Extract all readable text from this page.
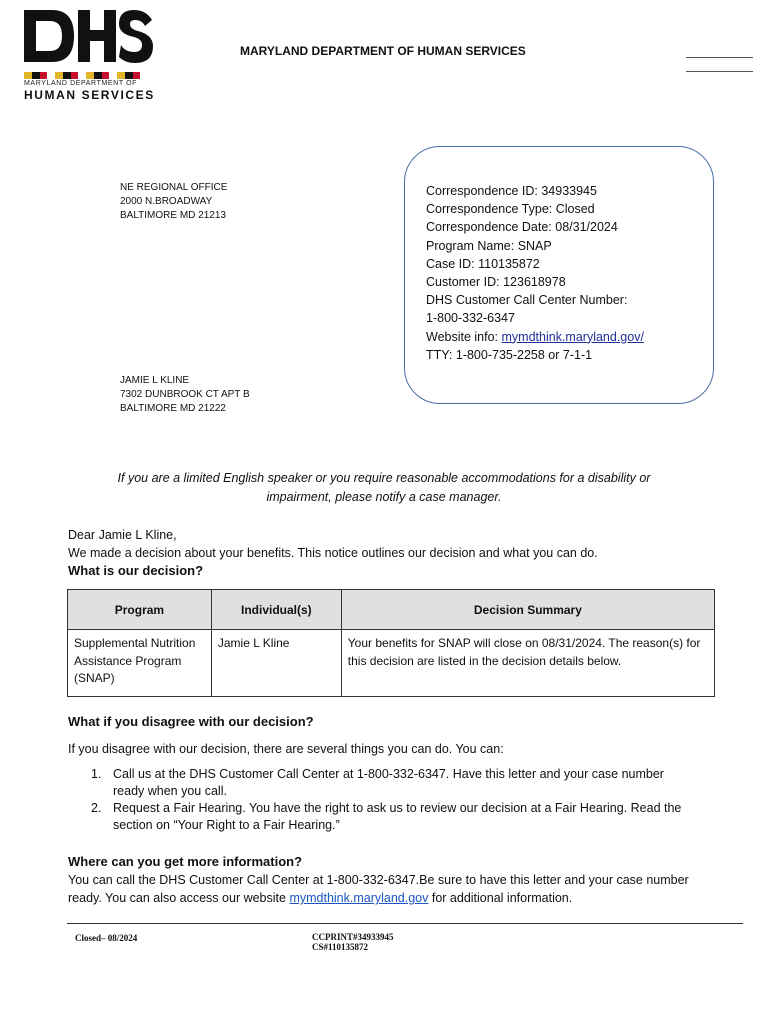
MARYLAND DEPARTMENT OF
HUMAN SERVICES
MARYLAND DEPARTMENT OF HUMAN SERVICES
NE REGIONAL OFFICE
2000 N.BROADWAY
BALTIMORE MD 21213
JAMIE L KLINE
7302 DUNBROOK CT APT B
BALTIMORE MD 21222
Correspondence ID: 34933945
Correspondence Type: Closed
Correspondence Date: 08/31/2024
Program Name: SNAP
Case ID: 110135872
Customer ID: 123618978
DHS Customer Call Center Number:
1-800-332-6347
Website info: mymdthink.maryland.gov/
TTY: 1-800-735-2258 or 7-1-1
If you are a limited English speaker or you require reasonable accommodations for a disability or impairment, please notify a case manager.
Dear Jamie L Kline,
We made a decision about your benefits. This notice outlines our decision and what you can do.
What is our decision?
Program	Individual(s)	Decision Summary
Supplemental Nutrition Assistance Program (SNAP)	Jamie L Kline	Your benefits for SNAP will close on 08/31/2024. The reason(s) for this decision are listed in the decision details below.
What if you disagree with our decision?
If you disagree with our decision, there are several things you can do. You can:
1. Call us at the DHS Customer Call Center at 1-800-332-6347. Have this letter and your case number
ready when you call.
2. Request a Fair Hearing. You have the right to ask us to review our decision at a Fair Hearing. Read the
section on “Your Right to a Fair Hearing.”
Where can you get more information?
You can call the DHS Customer Call Center at 1-800-332-6347.Be sure to have this letter and your case number
ready. You can also access our website mymdthink.maryland.gov for additional information.
Closed– 08/2024	CCPRINT#34933945
CS#110135872
